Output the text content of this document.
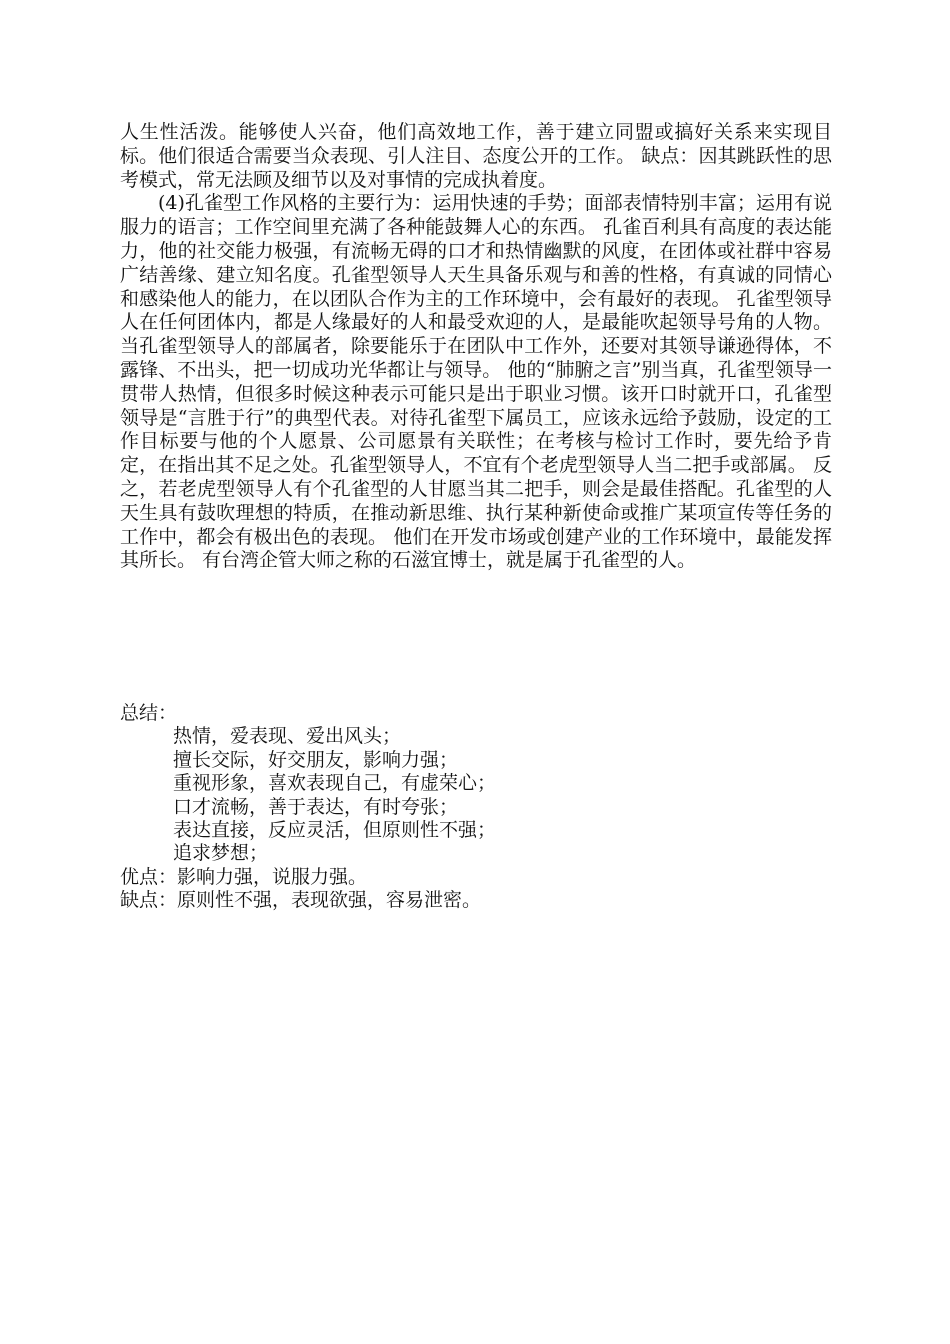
人生性活泼。能够使人兴奋，他们高效地工作，善于建立同盟或搞好关系来实现目标。他们很适合需要当众表现、引人注目、态度公开的工作。 缺点：因其跳跃性的思考模式，常无法顾及细节以及对事情的完成执着度。

(4)孔雀型工作风格的主要行为：运用快速的手势；面部表情特别丰富；运用有说服力的语言；工作空间里充满了各种能鼓舞人心的东西。 孔雀百利具有高度的表达能力，他的社交能力极强，有流畅无碍的口才和热情幽默的风度，在团体或社群中容易广结善缘、建立知名度。孔雀型领导人天生具备乐观与和善的性格，有真诚的同情心和感染他人的能力，在以团队合作为主的工作环境中，会有最好的表现。 孔雀型领导人在任何团体内，都是人缘最好的人和最受欢迎的人，是最能吹起领导号角的人物。 当孔雀型领导人的部属者，除要能乐于在团队中工作外，还要对其领导谦逊得体，不露锋、不出头，把一切成功光华都让与领导。 他的“肺腑之言”别当真，孔雀型领导一贯带人热情，但很多时候这种表示可能只是出于职业习惯。该开口时就开口，孔雀型领导是“言胜于行”的典型代表。对待孔雀型下属员工，应该永远给予鼓励，设定的工作目标要与他的个人愿景、公司愿景有关联性；在考核与检讨工作时，要先给予肯定，在指出其不足之处。孔雀型领导人，不宜有个老虎型领导人当二把手或部属。 反之，若老虎型领导人有个孔雀型的人甘愿当其二把手，则会是最佳搭配。孔雀型的人天生具有鼓吹理想的特质，在推动新思维、执行某种新使命或推广某项宣传等任务的工作中，都会有极出色的表现。 他们在开发市场或创建产业的工作环境中，最能发挥其所长。 有台湾企管大师之称的石滋宜博士，就是属于孔雀型的人。

总结：
热情，爱表现、爱出风头；
擅长交际，好交朋友，影响力强；
重视形象，喜欢表现自己，有虚荣心；
口才流畅，善于表达，有时夸张；
表达直接，反应灵活，但原则性不强；
追求梦想；
优点：影响力强，说服力强。
缺点：原则性不强，表现欲强，容易泄密。
